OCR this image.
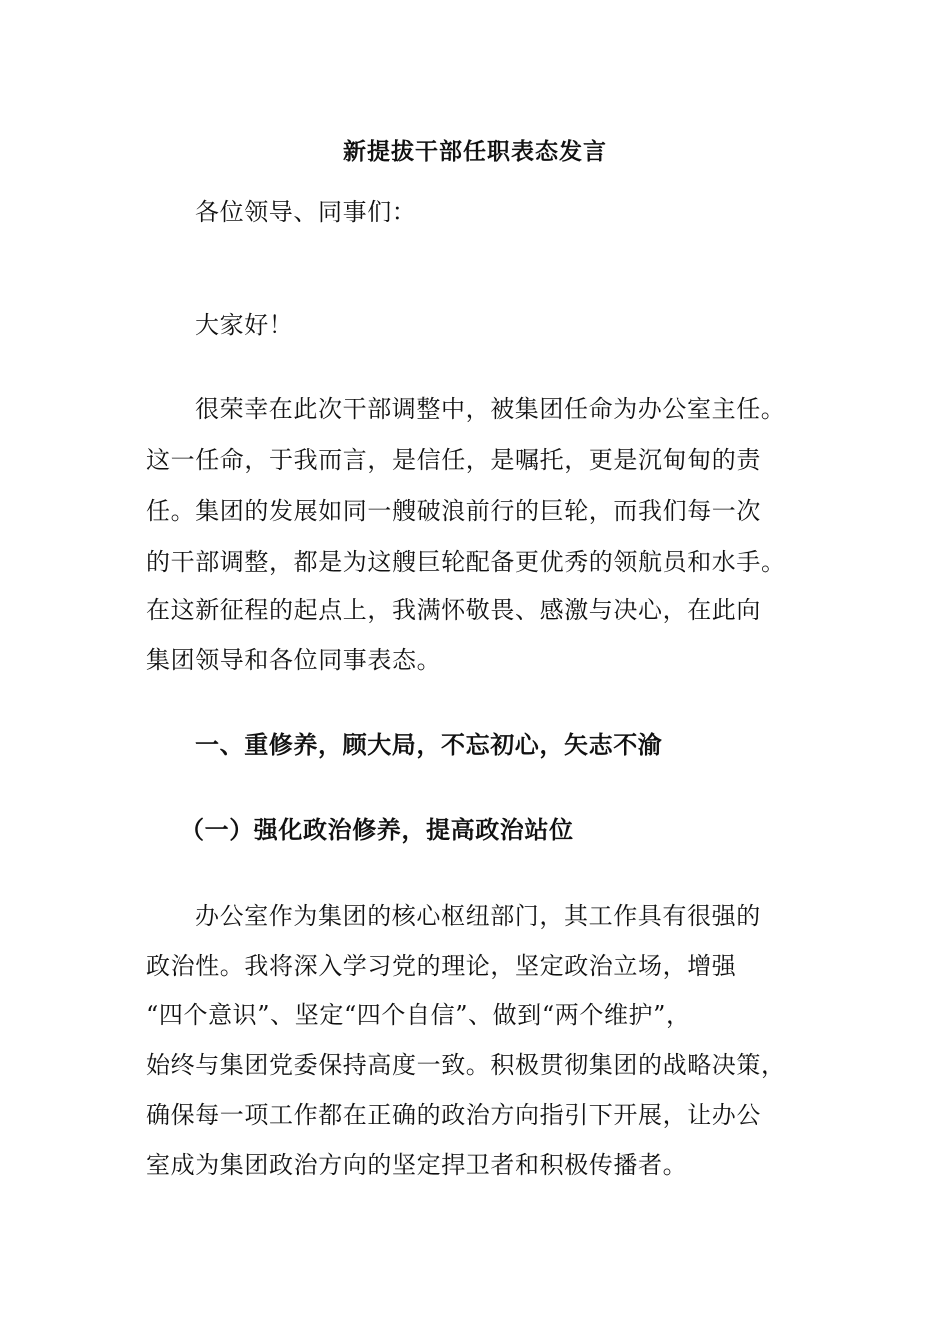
新提拔干部任职表态发言

各位领导、同事们：

大家好！

很荣幸在此次干部调整中，被集团任命为办公室主任。

这一任命，于我而言，是信任，是嘱托，更是沉甸甸的责

任。集团的发展如同一艘破浪前行的巨轮，而我们每一次

的干部调整，都是为这艘巨轮配备更优秀的领航员和水手。

在这新征程的起点上，我满怀敬畏、感激与决心，在此向

集团领导和各位同事表态。

一、重修养，顾大局，不忘初心，矢志不渝

（一）强化政治修养，提高政治站位

办公室作为集团的核心枢纽部门，其工作具有很强的

政治性。我将深入学习党的理论，坚定政治立场，增强

“四个意识”、坚定“四个自信”、做到“两个维护”，

始终与集团党委保持高度一致。积极贯彻集团的战略决策，

确保每一项工作都在正确的政治方向指引下开展，让办公

室成为集团政治方向的坚定捍卫者和积极传播者。
